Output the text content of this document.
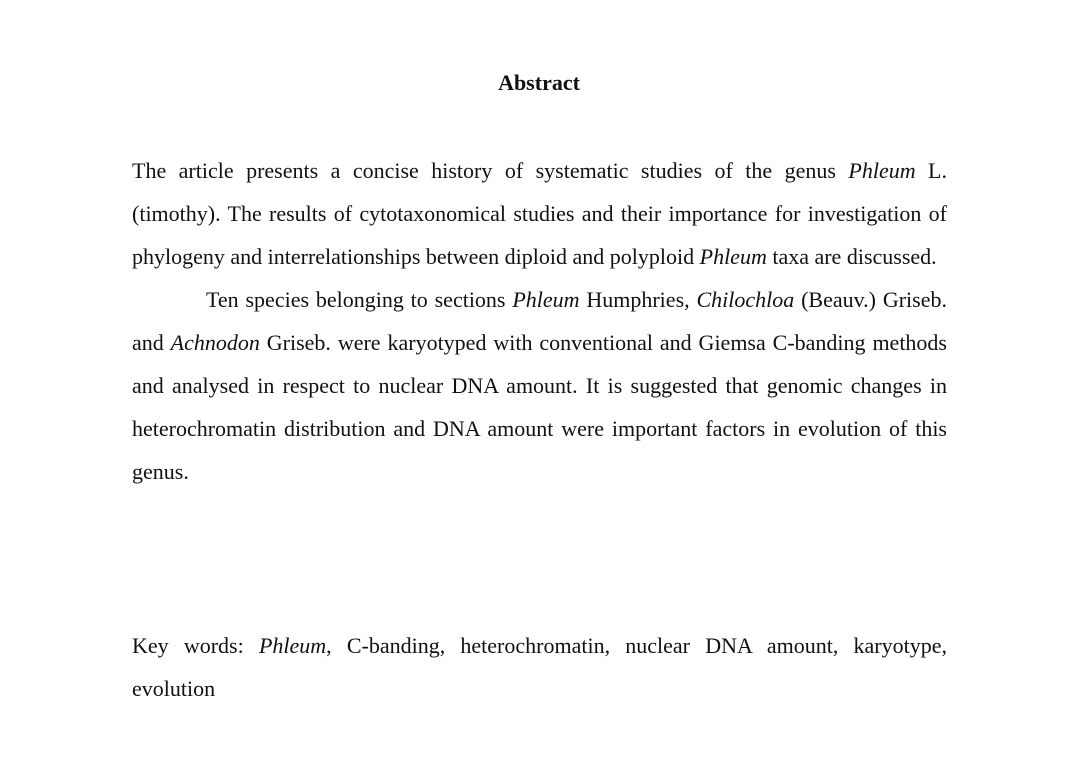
Abstract

The article presents a concise history of systematic studies of the genus Phleum L. (timothy). The results of cytotaxonomical studies and their importance for investigation of phylogeny and interrelationships between diploid and polyploid Phleum taxa are discussed.

Ten species belonging to sections Phleum Humphries, Chilochloa (Beauv.) Griseb. and Achnodon Griseb. were karyotyped with conventional and Giemsa C-banding methods and analysed in respect to nuclear DNA amount. It is suggested that genomic changes in heterochromatin distribution and DNA amount were important factors in evolution of this genus.

Key words: Phleum, C-banding, heterochromatin, nuclear DNA amount, karyotype, evolution
